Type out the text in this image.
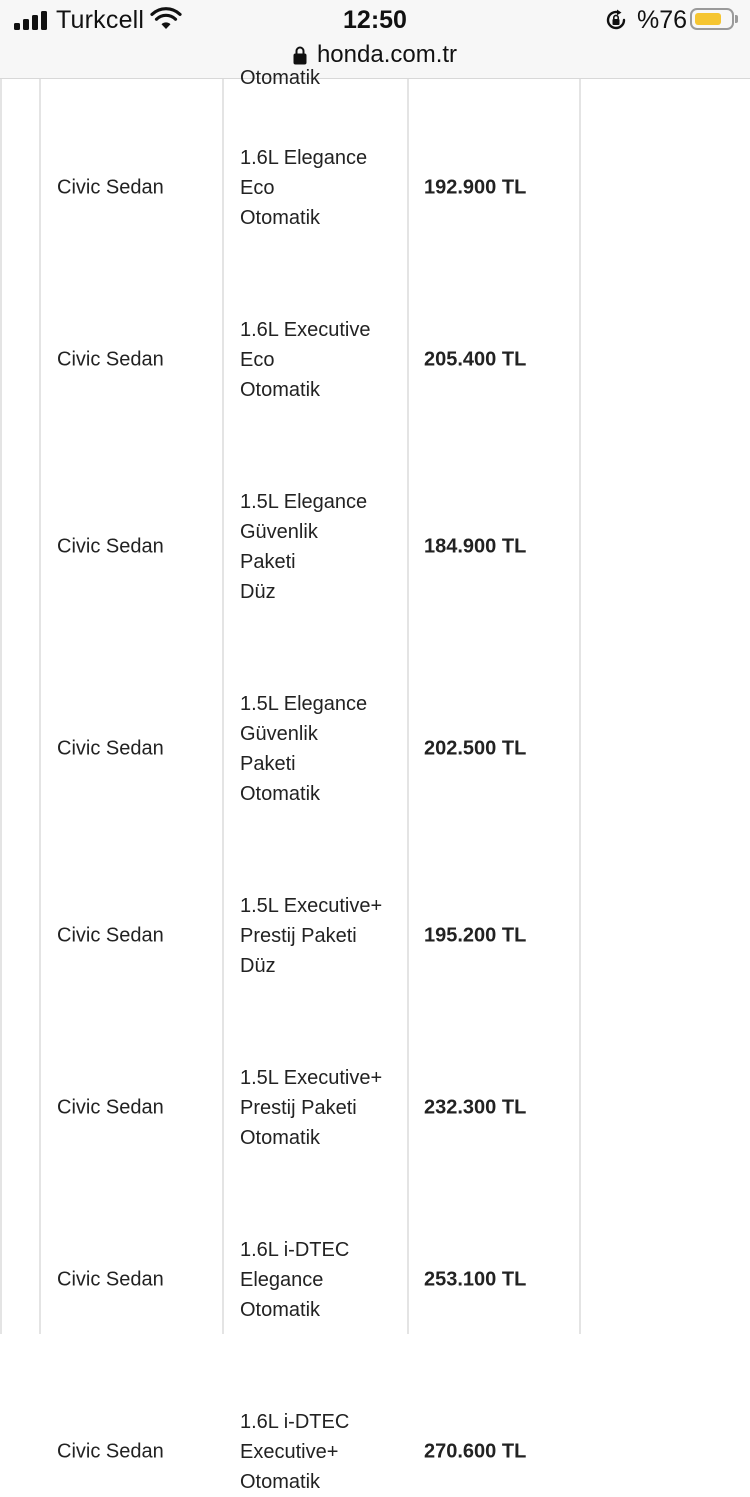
Turkcell	12:50	%76
honda.com.tr
Otomatik
Civic Sedan
1.6L Elegance
Eco
Otomatik
192.900 TL
Civic Sedan
1.6L Executive
Eco
Otomatik
205.400 TL
Civic Sedan
1.5L Elegance
Güvenlik
Paketi
Düz
184.900 TL
Civic Sedan
1.5L Elegance
Güvenlik
Paketi
Otomatik
202.500 TL
Civic Sedan
1.5L Executive+
Prestij Paketi
Düz
195.200 TL
Civic Sedan
1.5L Executive+
Prestij Paketi
Otomatik
232.300 TL
Civic Sedan
1.6L i-DTEC
Elegance
Otomatik
253.100 TL
Civic Sedan
1.6L i-DTEC
Executive+
Otomatik
270.600 TL
